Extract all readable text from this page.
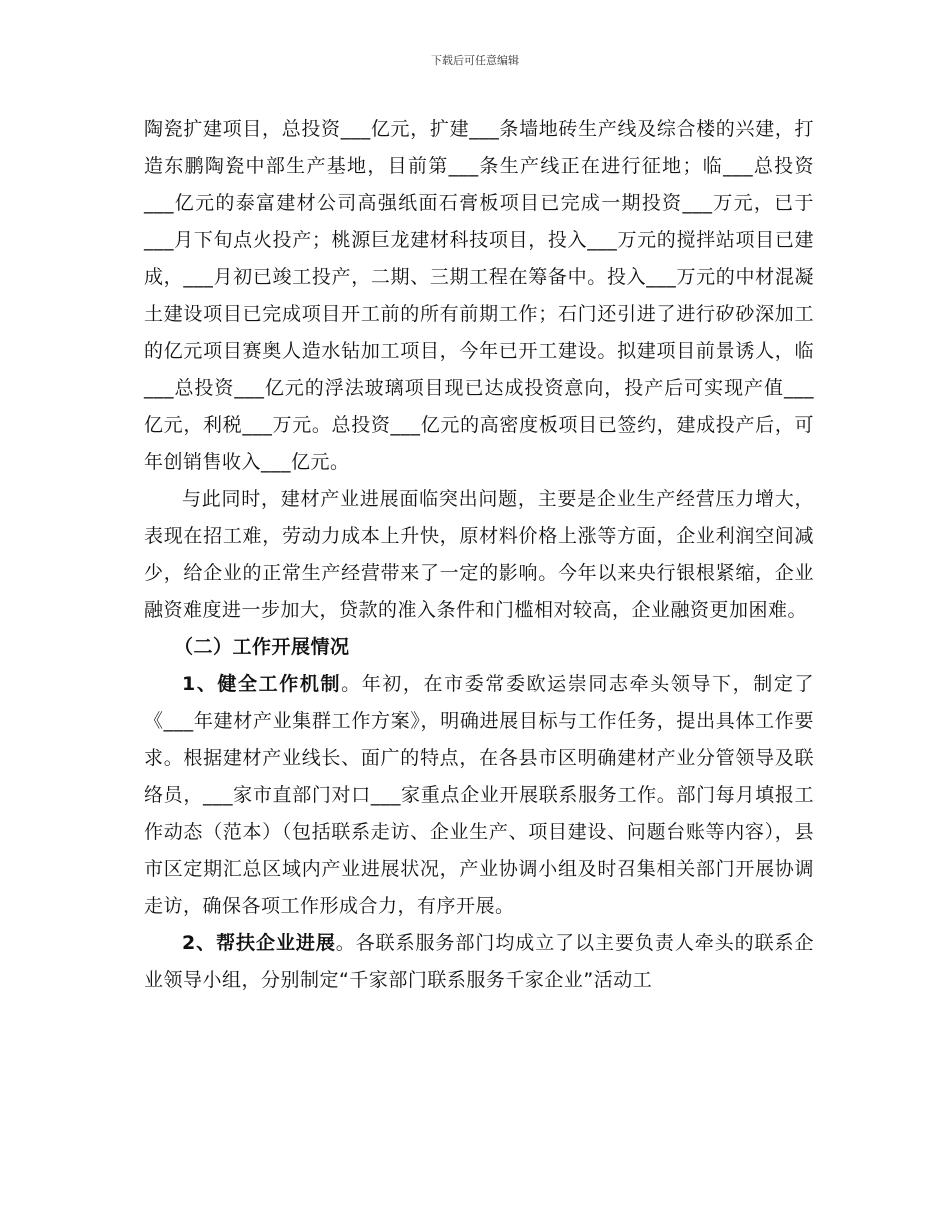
下载后可任意编辑

陶瓷扩建项目，总投资___亿元，扩建___条墙地砖生产线及综合楼的兴建，打造东鹏陶瓷中部生产基地，目前第___条生产线正在进行征地；临___总投资___亿元的泰富建材公司高强纸面石膏板项目已完成一期投资___万元，已于___月下旬点火投产；桃源巨龙建材科技项目，投入___万元的搅拌站项目已建成，___月初已竣工投产，二期、三期工程在筹备中。投入___万元的中材混凝土建设项目已完成项目开工前的所有前期工作；石门还引进了进行矽砂深加工的亿元项目赛奥人造水钻加工项目，今年已开工建设。拟建项目前景诱人，临___总投资___亿元的浮法玻璃项目现已达成投资意向，投产后可实现产值___亿元，利税___万元。总投资___亿元的高密度板项目已签约，建成投产后，可年创销售收入___亿元。

与此同时，建材产业进展面临突出问题，主要是企业生产经营压力增大，表现在招工难，劳动力成本上升快，原材料价格上涨等方面，企业利润空间减少，给企业的正常生产经营带来了一定的影响。今年以来央行银根紧缩，企业融资难度进一步加大，贷款的准入条件和门槛相对较高，企业融资更加困难。

（二）工作开展情况

1、健全工作机制。年初，在市委常委欧运崇同志牵头领导下，制定了《___年建材产业集群工作方案》，明确进展目标与工作任务，提出具体工作要求。根据建材产业线长、面广的特点，在各县市区明确建材产业分管领导及联络员，___家市直部门对口___家重点企业开展联系服务工作。部门每月填报工作动态（范本）（包括联系走访、企业生产、项目建设、问题台账等内容），县市区定期汇总区域内产业进展状况，产业协调小组及时召集相关部门开展协调走访，确保各项工作形成合力，有序开展。

2、帮扶企业进展。各联系服务部门均成立了以主要负责人牵头的联系企业领导小组，分别制定“千家部门联系服务千家企业”活动工
